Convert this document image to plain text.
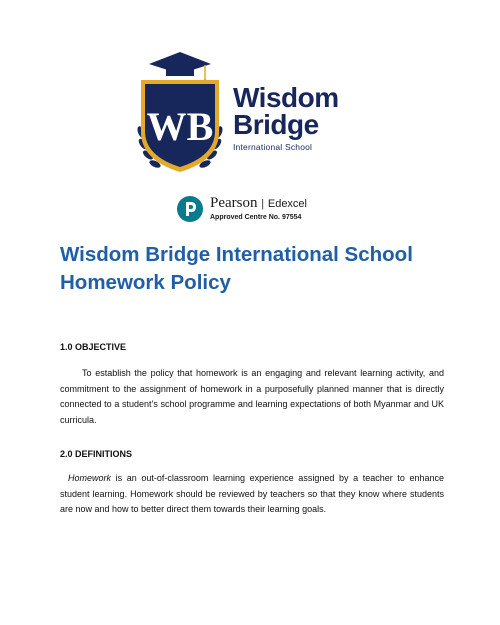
WB
Wisdom
Bridge
International School
Pearson | Edexcel
Approved Centre No. 97554
Wisdom Bridge International School
Homework Policy
1.0 OBJECTIVE

To establish the policy that homework is an engaging and relevant learning activity, and commitment to the assignment of homework in a purposefully planned manner that is directly connected to a student’s school programme and learning expectations of both Myanmar and UK curricula.

2.0 DEFINITIONS

Homework is an out-of-classroom learning experience assigned by a teacher to enhance student learning. Homework should be reviewed by teachers so that they know where students are now and how to better direct them towards their learning goals.
